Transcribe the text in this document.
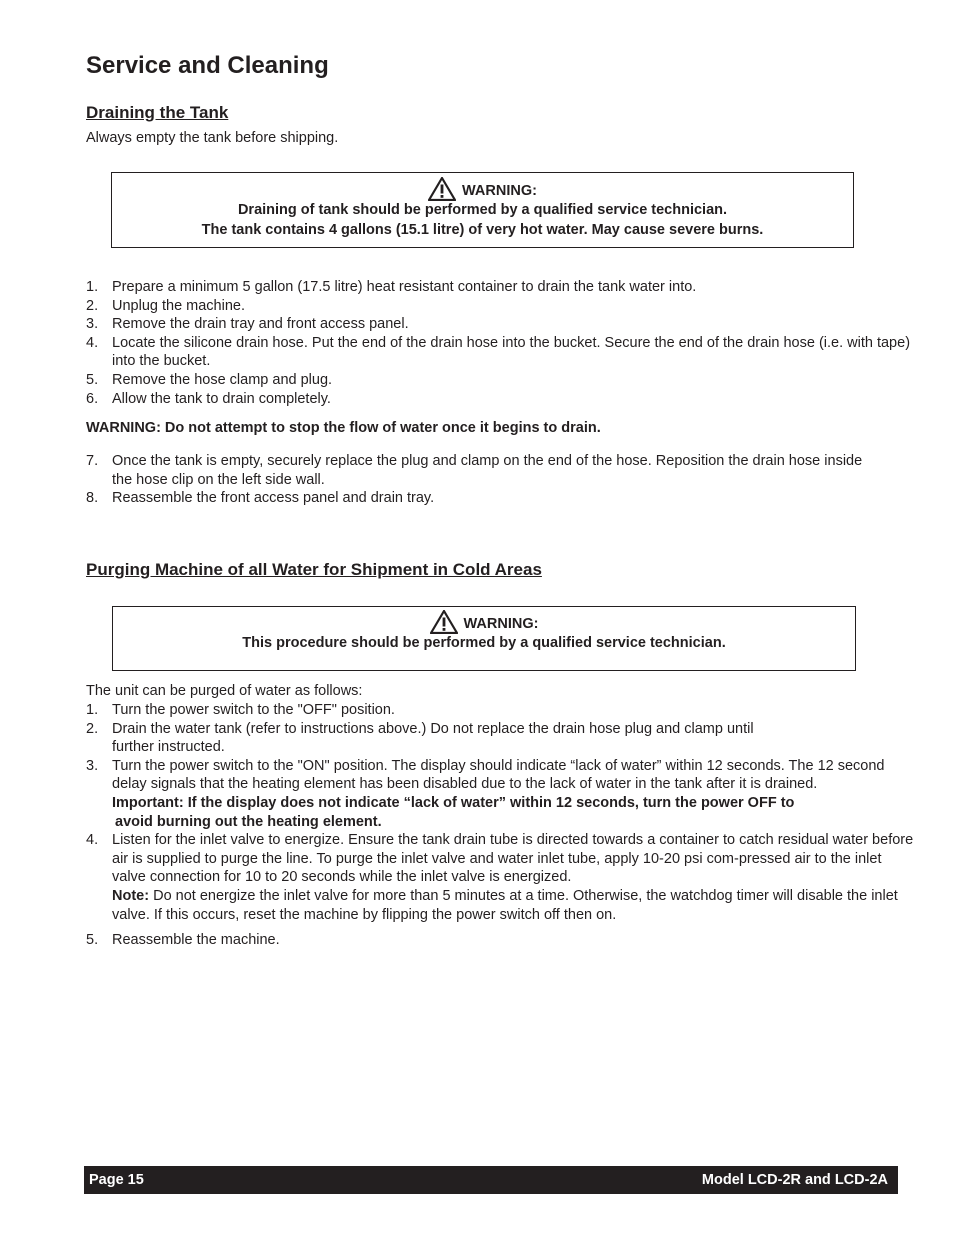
Service and Cleaning
Draining the Tank

Always empty the tank before shipping.

WARNING:
Draining of tank should be performed by a qualified service technician.
The tank contains 4 gallons (15.1 litre) of very hot water. May cause severe burns.
1. Prepare a minimum 5 gallon (17.5 litre) heat resistant container to drain the tank water into.
2. Unplug the machine.
3. Remove the drain tray and front access panel.
4. Locate the silicone drain hose. Put the end of the drain hose into the bucket. Secure the end of the drain hose (i.e. with tape) into the bucket.
5. Remove the hose clamp and plug.
6. Allow the tank to drain completely.

WARNING: Do not attempt to stop the flow of water once it begins to drain.

7. Once the tank is empty, securely replace the plug and clamp on the end of the hose. Reposition the drain hose inside the hose clip on the left side wall.
8. Reassemble the front access panel and drain tray.
Purging Machine of all Water for Shipment in Cold Areas
WARNING:
This procedure should be performed by a qualified service technician.

The unit can be purged of water as follows:

1. Turn the power switch to the "OFF" position.
2. Drain the water tank (refer to instructions above.) Do not replace the drain hose plug and clamp until
further instructed.
3. Turn the power switch to the "ON" position. The display should indicate “lack of water” within 12 seconds. The 12 second delay signals that the heating element has been disabled due to the lack of water in the tank after it is drained.
Important: If the display does not indicate “lack of water” within 12 seconds, turn the power OFF to
avoid burning out the heating element.
4. Listen for the inlet valve to energize. Ensure the tank drain tube is directed towards a container to catch residual water before air is supplied to purge the line. To purge the inlet valve and water inlet tube, apply 10-20 psi com-pressed air to the inlet valve connection for 10 to 20 seconds while the inlet valve is energized.
Note: Do not energize the inlet valve for more than 5 minutes at a time. Otherwise, the watchdog timer will disable the inlet valve. If this occurs, reset the machine by flipping the power switch off then on.
5. Reassemble the machine.
Page 15	Model LCD-2R and LCD-2A
